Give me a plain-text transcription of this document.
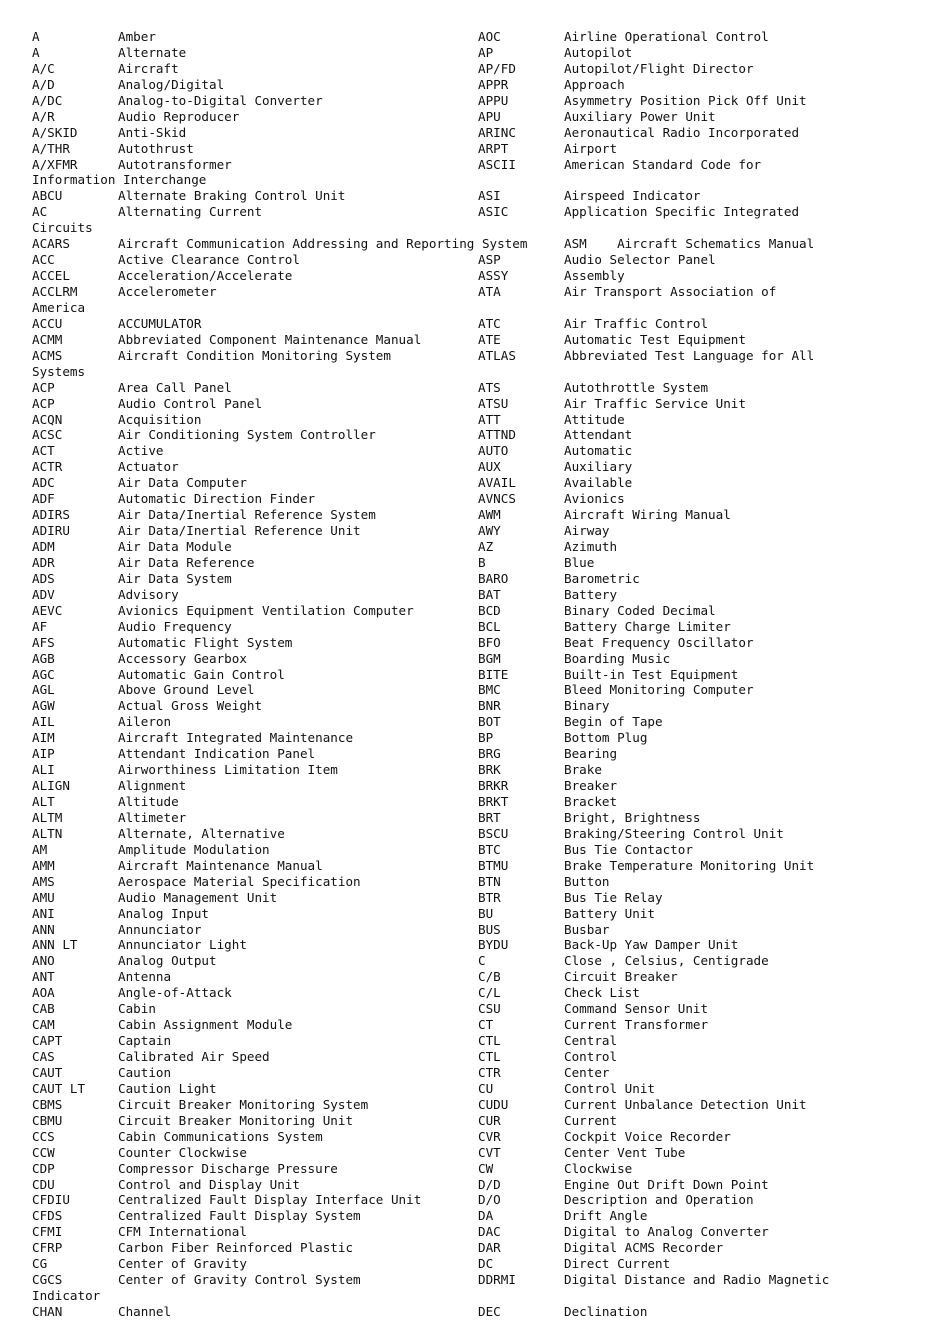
A	Amber	AOC	Airline Operational Control
A	Alternate	AP	Autopilot
A/C	Aircraft	AP/FD	Autopilot/Flight Director
A/D	Analog/Digital	APPR	Approach
A/DC	Analog-to-Digital Converter	APPU	Asymmetry Position Pick Off Unit
A/R	Audio Reproducer	APU	Auxiliary Power Unit
A/SKID	Anti-Skid	ARINC	Aeronautical Radio Incorporated
A/THR	Autothrust	ARPT	Airport
A/XFMR	Autotransformer	ASCII	American Standard Code for
Information Interchange
ABCU	Alternate Braking Control Unit	ASI	Airspeed Indicator
AC	Alternating Current	ASIC	Application Specific Integrated
Circuits
ACARS	Aircraft Communication Addressing and Reporting System	ASM    Aircraft Schematics Manual
ACC	Active Clearance Control	ASP	Audio Selector Panel
ACCEL	Acceleration/Accelerate	ASSY	Assembly
ACCLRM	Accelerometer	ATA	Air Transport Association of
America
ACCU	ACCUMULATOR	ATC	Air Traffic Control
ACMM	Abbreviated Component Maintenance Manual	ATE	Automatic Test Equipment
ACMS	Aircraft Condition Monitoring System	ATLAS	Abbreviated Test Language for All
Systems
ACP	Area Call Panel	ATS	Autothrottle System
ACP	Audio Control Panel	ATSU	Air Traffic Service Unit
ACQN	Acquisition	ATT	Attitude
ACSC	Air Conditioning System Controller	ATTND	Attendant
ACT	Active	AUTO	Automatic
ACTR	Actuator	AUX	Auxiliary
ADC	Air Data Computer	AVAIL	Available
ADF	Automatic Direction Finder	AVNCS	Avionics
ADIRS	Air Data/Inertial Reference System	AWM	Aircraft Wiring Manual
ADIRU	Air Data/Inertial Reference Unit	AWY	Airway
ADM	Air Data Module	AZ	Azimuth
ADR	Air Data Reference	B	Blue
ADS	Air Data System	BARO	Barometric
ADV	Advisory	BAT	Battery
AEVC	Avionics Equipment Ventilation Computer	BCD	Binary Coded Decimal
AF	Audio Frequency	BCL	Battery Charge Limiter
AFS	Automatic Flight System	BFO	Beat Frequency Oscillator
AGB	Accessory Gearbox	BGM	Boarding Music
AGC	Automatic Gain Control	BITE	Built-in Test Equipment
AGL	Above Ground Level	BMC	Bleed Monitoring Computer
AGW	Actual Gross Weight	BNR	Binary
AIL	Aileron	BOT	Begin of Tape
AIM	Aircraft Integrated Maintenance	BP	Bottom Plug
AIP	Attendant Indication Panel	BRG	Bearing
ALI	Airworthiness Limitation Item	BRK	Brake
ALIGN	Alignment	BRKR	Breaker
ALT	Altitude	BRKT	Bracket
ALTM	Altimeter	BRT	Bright, Brightness
ALTN	Alternate, Alternative	BSCU	Braking/Steering Control Unit
AM	Amplitude Modulation	BTC	Bus Tie Contactor
AMM	Aircraft Maintenance Manual	BTMU	Brake Temperature Monitoring Unit
AMS	Aerospace Material Specification	BTN	Button
AMU	Audio Management Unit	BTR	Bus Tie Relay
ANI	Analog Input	BU	Battery Unit
ANN	Annunciator	BUS	Busbar
ANN LT	Annunciator Light	BYDU	Back-Up Yaw Damper Unit
ANO	Analog Output	C	Close , Celsius, Centigrade
ANT	Antenna	C/B	Circuit Breaker
AOA	Angle-of-Attack	C/L	Check List
CAB	Cabin	CSU	Command Sensor Unit
CAM	Cabin Assignment Module	CT	Current Transformer
CAPT	Captain	CTL	Central
CAS	Calibrated Air Speed	CTL	Control
CAUT	Caution	CTR	Center
CAUT LT	Caution Light	CU	Control Unit
CBMS	Circuit Breaker Monitoring System	CUDU	Current Unbalance Detection Unit
CBMU	Circuit Breaker Monitoring Unit	CUR	Current
CCS	Cabin Communications System	CVR	Cockpit Voice Recorder
CCW	Counter Clockwise	CVT	Center Vent Tube
CDP	Compressor Discharge Pressure	CW	Clockwise
CDU	Control and Display Unit	D/D	Engine Out Drift Down Point
CFDIU	Centralized Fault Display Interface Unit	D/O	Description and Operation
CFDS	Centralized Fault Display System	DA	Drift Angle
CFMI	CFM International	DAC	Digital to Analog Converter
CFRP	Carbon Fiber Reinforced Plastic	DAR	Digital ACMS Recorder
CG	Center of Gravity	DC	Direct Current
CGCS	Center of Gravity Control System	DDRMI	Digital Distance and Radio Magnetic
Indicator
CHAN	Channel	DEC	Declination
